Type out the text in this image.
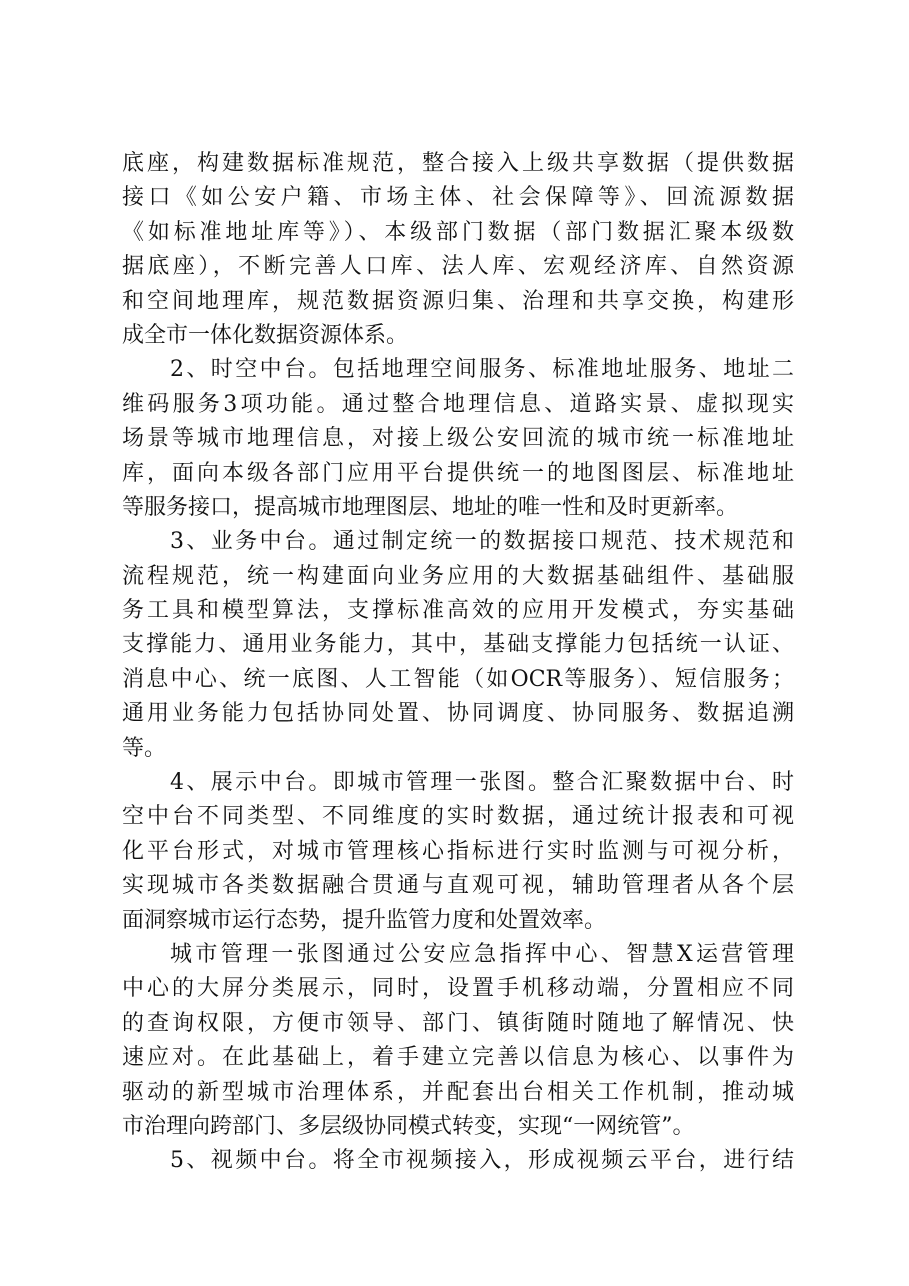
底座，构建数据标准规范，整合接入上级共享数据（提供数据
接口《如公安户籍、市场主体、社会保障等》、回流源数据
《如标准地址库等》）、本级部门数据（部门数据汇聚本级数
据底座），不断完善人口库、法人库、宏观经济库、自然资源
和空间地理库，规范数据资源归集、治理和共享交换，构建形
成全市一体化数据资源体系。
2、时空中台。包括地理空间服务、标准地址服务、地址二
维码服务3项功能。通过整合地理信息、道路实景、虚拟现实
场景等城市地理信息，对接上级公安回流的城市统一标准地址
库，面向本级各部门应用平台提供统一的地图图层、标准地址
等服务接口，提高城市地理图层、地址的唯一性和及时更新率。
3、业务中台。通过制定统一的数据接口规范、技术规范和
流程规范，统一构建面向业务应用的大数据基础组件、基础服
务工具和模型算法，支撑标准高效的应用开发模式，夯实基础
支撑能力、通用业务能力，其中，基础支撑能力包括统一认证、
消息中心、统一底图、人工智能（如OCR等服务）、短信服务；
通用业务能力包括协同处置、协同调度、协同服务、数据追溯
等。
4、展示中台。即城市管理一张图。整合汇聚数据中台、时
空中台不同类型、不同维度的实时数据，通过统计报表和可视
化平台形式，对城市管理核心指标进行实时监测与可视分析，
实现城市各类数据融合贯通与直观可视，辅助管理者从各个层
面洞察城市运行态势，提升监管力度和处置效率。
城市管理一张图通过公安应急指挥中心、智慧X运营管理
中心的大屏分类展示，同时，设置手机移动端，分置相应不同
的查询权限，方便市领导、部门、镇街随时随地了解情况、快
速应对。在此基础上，着手建立完善以信息为核心、以事件为
驱动的新型城市治理体系，并配套出台相关工作机制，推动城
市治理向跨部门、多层级协同模式转变，实现“一网统管”。
5、视频中台。将全市视频接入，形成视频云平台，进行结
